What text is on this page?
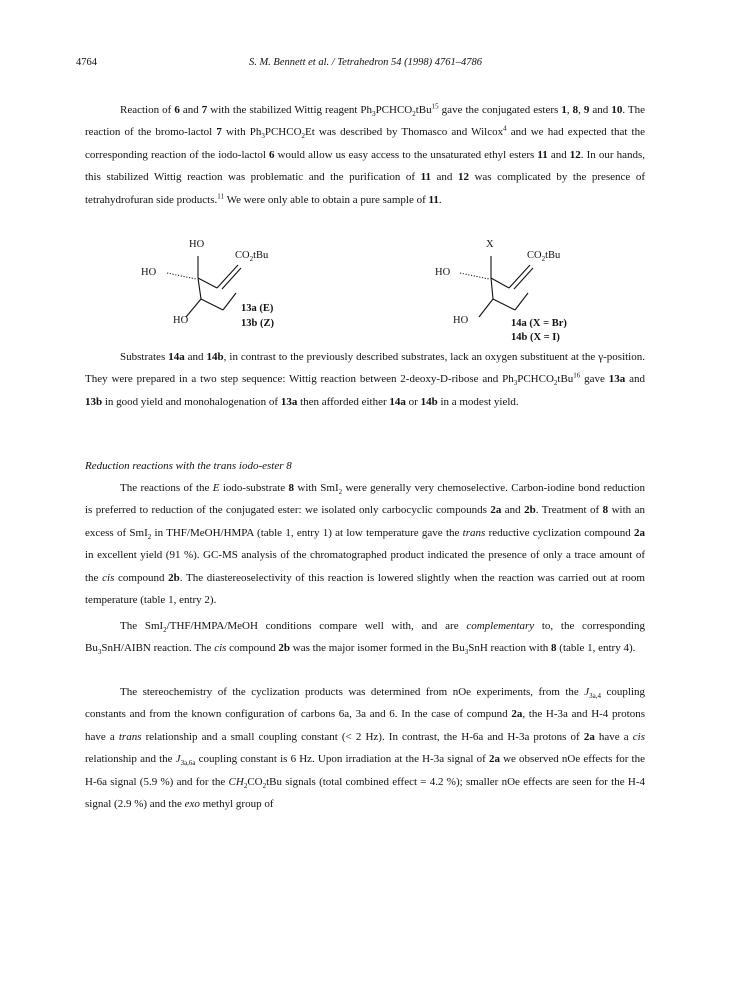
4764	S. M. Bennett et al. / Tetrahedron 54 (1998) 4761–4786

Reaction of 6 and 7 with the stabilized Wittig reagent $Ph_3PCHCO_2tBu^{15}$ gave the conjugated esters 1, 8, 9 and 10. The reaction of the bromo-lactol 7 with $Ph_3PCHCO_2Et$ was described by Thomasco and Wilcox$^4$ and we had expected that the corresponding reaction of the iodo-lactol 6 would allow us easy access to the unsaturated ethyl esters 11 and 12. In our hands, this stabilized Wittig reaction was problematic and the purification of 11 and 12 was complicated by the presence of tetrahydrofuran side products.$^{11}$ We were only able to obtain a pure sample of 11.

HO
$CO_2tBu$
HO
HO
13a (E)
13b (Z)
X
$CO_2tBu$
HO
HO	14a (X = Br)
14b (X = I)

Substrates 14a and 14b, in contrast to the previously described substrates, lack an oxygen substituent at the γ-position. They were prepared in a two step sequence: Wittig reaction between 2-deoxy-D-ribose and $Ph_3PCHCO_2tBu^{16}$ gave 13a and 13b in good yield and monohalogenation of 13a then afforded either 14a or 14b in a modest yield.

Reduction reactions with the trans iodo-ester 8

The reactions of the E iodo-substrate 8 with SmI$_2$ were generally very chemoselective. Carbon-iodine bond reduction is preferred to reduction of the conjugated ester: we isolated only carbocyclic compounds 2a and 2b. Treatment of 8 with an excess of SmI$_2$ in THF/MeOH/HMPA (table 1, entry 1) at low temperature gave the trans reductive cyclization compound 2a in excellent yield (91 %). GC-MS analysis of the chromatographed product indicated the presence of only a trace amount of the cis compound 2b. The diastereoselectivity of this reaction is lowered slightly when the reaction was carried out at room temperature (table 1, entry 2).

The SmI$_2$/THF/HMPA/MeOH conditions compare well with, and are complementary to, the corresponding $Bu_3SnH$/AIBN reaction. The cis compound 2b was the major isomer formed in the $Bu_3SnH$ reaction with 8 (table 1, entry 4).

The stereochemistry of the cyclization products was determined from nOe experiments, from the $J_{3a,4}$ coupling constants and from the known configuration of carbons 6a, 3a and 6. In the case of compund 2a, the H-3a and H-4 protons have a trans relationship and a small coupling constant (< 2 Hz). In contrast, the H-6a and H-3a protons of 2a have a cis relationship and the $J_{3a,6a}$ coupling constant is 6 Hz. Upon irradiation at the H-3a signal of 2a we observed nOe effects for the H-6a signal (5.9 %) and for the $CH_2CO_2tBu$ signals (total combined effect = 4.2 %); smaller nOe effects are seen for the H-4 signal (2.9 %) and the exo methyl group of
